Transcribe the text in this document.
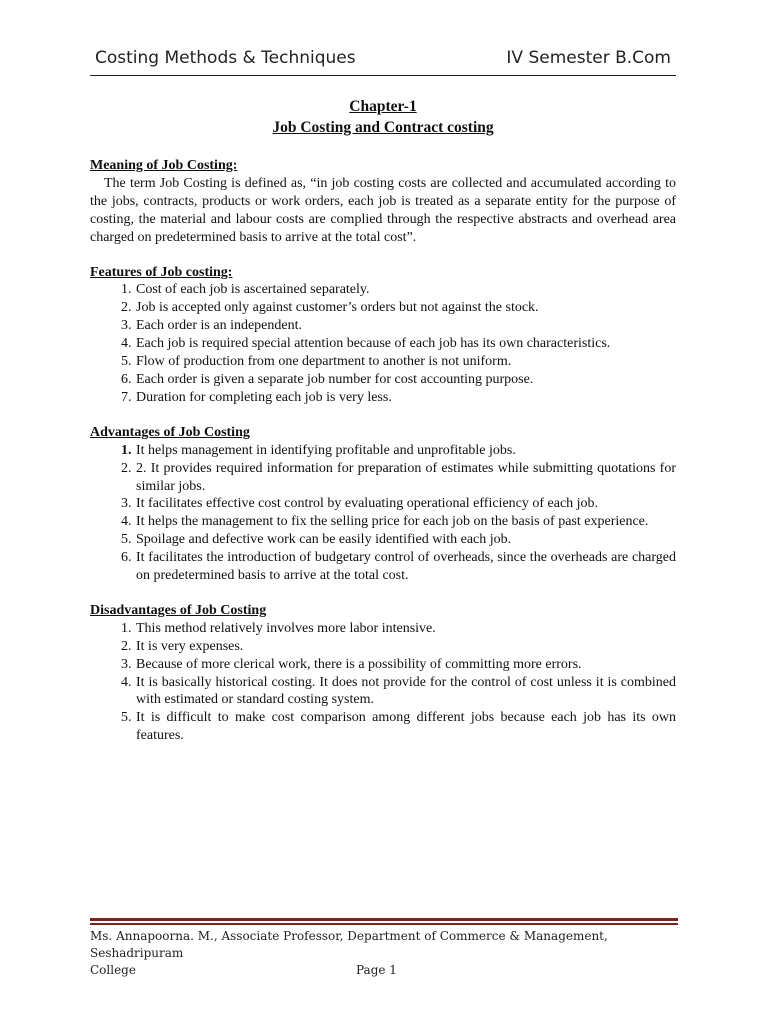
Costing Methods & Techniques	IV Semester B.Com
Chapter-1
Job Costing and Contract costing
Meaning of Job Costing:
The term Job Costing is defined as, “in job costing costs are collected and accumulated according to the jobs, contracts, products or work orders, each job is treated as a separate entity for the purpose of costing, the material and labour costs are complied through the respective abstracts and overhead area charged on predetermined basis to arrive at the total cost”.
Features of Job costing:
1. Cost of each job is ascertained separately.
2. Job is accepted only against customer’s orders but not against the stock.
3. Each order is an independent.
4. Each job is required special attention because of each job has its own characteristics.
5. Flow of production from one department to another is not uniform.
6. Each order is given a separate job number for cost accounting purpose.
7. Duration for completing each job is very less.
Advantages of Job Costing
1. It helps management in identifying profitable and unprofitable jobs.
2. 2. It provides required information for preparation of estimates while submitting quotations for similar jobs.
3. It facilitates effective cost control by evaluating operational efficiency of each job.
4. It helps the management to fix the selling price for each job on the basis of past experience.
5. Spoilage and defective work can be easily identified with each job.
6. It facilitates the introduction of budgetary control of overheads, since the overheads are charged on predetermined basis to arrive at the total cost.
Disadvantages of Job Costing
1. This method relatively involves more labor intensive.
2. It is very expenses.
3. Because of more clerical work, there is a possibility of committing more errors.
4. It is basically historical costing. It does not provide for the control of cost unless it is combined with estimated or standard costing system.
5. It is difficult to make cost comparison among different jobs because each job has its own features.
Ms. Annapoorna. M., Associate Professor, Department of Commerce & Management, Seshadripuram
College	Page 1
